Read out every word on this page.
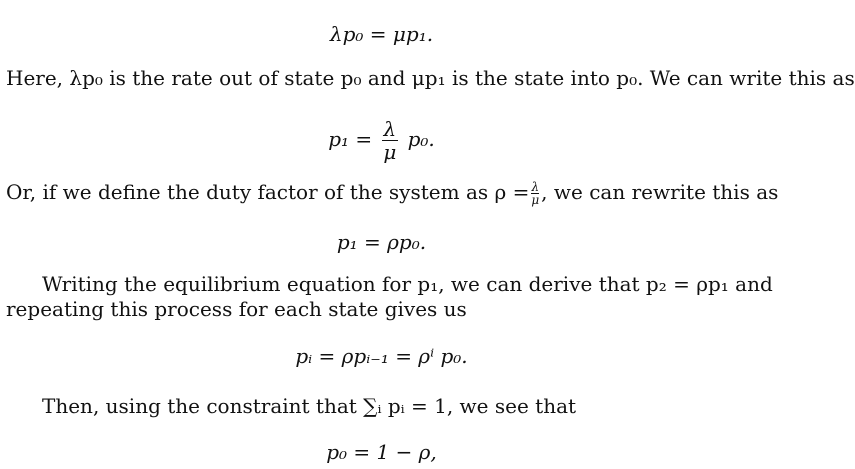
λp₀ = μp₁.
Here, λp₀ is the rate out of state p₀ and μp₁ is the state into p₀. We can write this as
$p_1 = \frac{\lambda}{\mu} p_0$.
Or, if we define the duty factor of the system as $\rho = \frac{\lambda}{\mu}$ , we can rewrite this as
p₁ = ρp₀.
Writing the equilibrium equation for p₁, we can derive that p₂ = ρp₁ and
repeating this process for each state gives us
pᵢ = ρpᵢ₋₁ = ρⁱ p₀.
Then, using the constraint that ∑ᵢ pᵢ = 1, we see that
p₀ = 1 − ρ,
